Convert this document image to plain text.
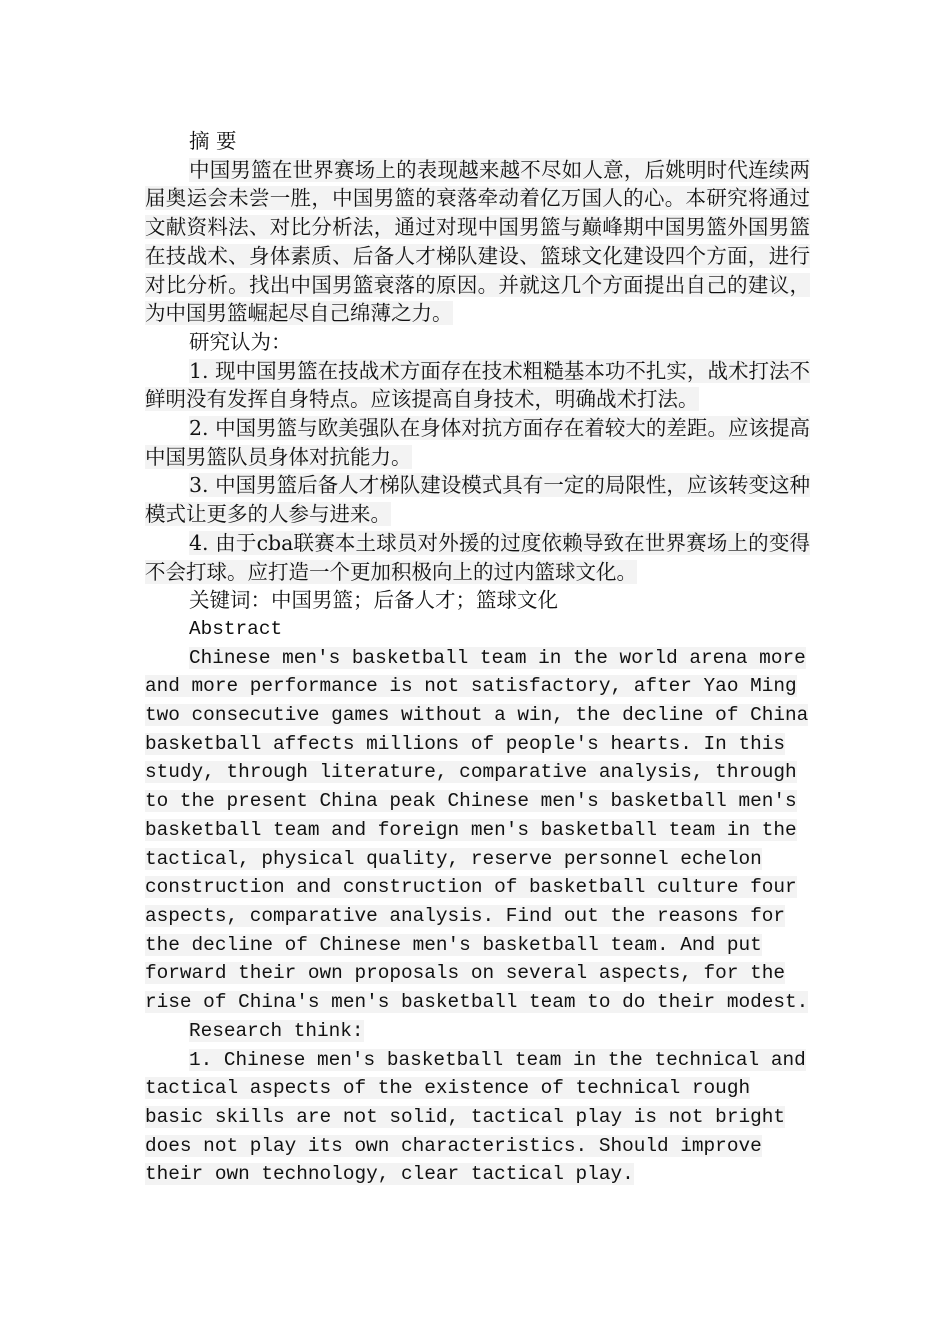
摘 要

中国男篮在世界赛场上的表现越来越不尽如人意，后姚明时代连续两届奥运会未尝一胜，中国男篮的衰落牵动着亿万国人的心。本研究将通过文献资料法、对比分析法，通过对现中国男篮与巅峰期中国男篮外国男篮在技战术、身体素质、后备人才梯队建设、篮球文化建设四个方面，进行对比分析。找出中国男篮衰落的原因。并就这几个方面提出自己的建议，为中国男篮崛起尽自己绵薄之力。

研究认为：

1. 现中国男篮在技战术方面存在技术粗糙基本功不扎实，战术打法不鲜明没有发挥自身特点。应该提高自身技术，明确战术打法。

2. 中国男篮与欧美强队在身体对抗方面存在着较大的差距。应该提高中国男篮队员身体对抗能力。

3. 中国男篮后备人才梯队建设模式具有一定的局限性，应该转变这种模式让更多的人参与进来。

4. 由于cba联赛本土球员对外援的过度依赖导致在世界赛场上的变得不会打球。应打造一个更加积极向上的过内篮球文化。

关键词：中国男篮；后备人才；篮球文化

Abstract

Chinese men's basketball team in the world arena more and more performance is not satisfactory, after Yao Ming two consecutive games without a win, the decline of China basketball affects millions of people's hearts. In this study, through literature, comparative analysis, through to the present China peak Chinese men's basketball men's basketball team and foreign men's basketball team in the tactical, physical quality, reserve personnel echelon construction and construction of basketball culture four aspects, comparative analysis. Find out the reasons for the decline of Chinese men's basketball team. And put forward their own proposals on several aspects, for the rise of China's men's basketball team to do their modest.

Research think:

1. Chinese men's basketball team in the technical and tactical aspects of the existence of technical rough basic skills are not solid, tactical play is not bright does not play its own characteristics. Should improve their own technology, clear tactical play.
